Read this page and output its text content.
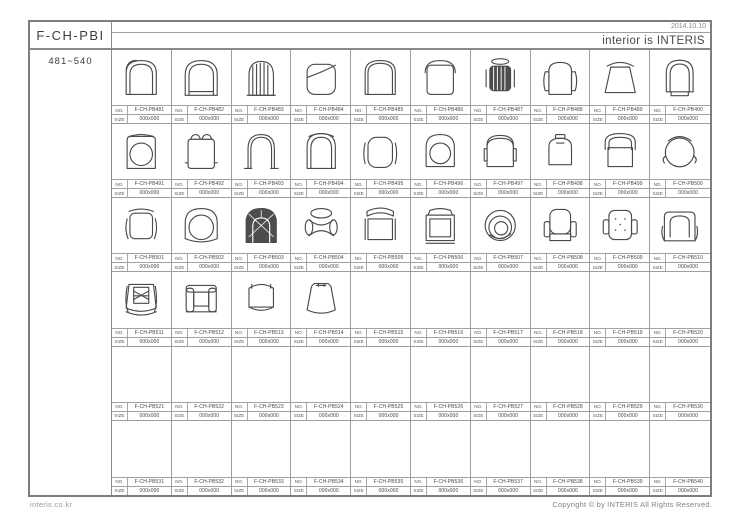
F-CH-PBI
2014.10.10
interior is INTERIS
481~540
NO.	F-CH-PB481
SIZE	000x000
NO.	F-CH-PB482
SIZE	000x000
NO.	F-CH-PB483
SIZE	000x000
NO.	F-CH-PB484
SIZE	000x000
NO.	F-CH-PB485
SIZE	000x000
NO.	F-CH-PB486
SIZE	000x000
NO.	F-CH-PB487
SIZE	000x000
NO.	F-CH-PB488
SIZE	000x000
NO.	F-CH-PB489
SIZE	000x000
NO.	F-CH-PB490
SIZE	000x000
NO.	F-CH-PB491
SIZE	000x000
NO.	F-CH-PB492
SIZE	000x000
NO.	F-CH-PB493
SIZE	000x000
NO.	F-CH-PB494
SIZE	000x000
NO.	F-CH-PB495
SIZE	000x000
NO.	F-CH-PB496
SIZE	000x000
NO.	F-CH-PB497
SIZE	000x000
NO.	F-CH-PB498
SIZE	000x000
NO.	F-CH-PB499
SIZE	000x000
NO.	F-CH-PB500
SIZE	000x000
NO.	F-CH-PB501
SIZE	000x000
NO.	F-CH-PB502
SIZE	000x000
NO.	F-CH-PB503
SIZE	000x000
NO.	F-CH-PB504
SIZE	000x000
NO.	F-CH-PB505
SIZE	000x000
NO.	F-CH-PB506
SIZE	000x000
NO.	F-CH-PB507
SIZE	000x000
NO.	F-CH-PB508
SIZE	000x000
NO.	F-CH-PB509
SIZE	000x000
NO.	F-CH-PB510
SIZE	000x000
NO.	F-CH-PB511
SIZE	000x000
NO.	F-CH-PB512
SIZE	000x000
NO.	F-CH-PB513
SIZE	000x000
NO.	F-CH-PB514
SIZE	000x000
NO.	F-CH-PB515
SIZE	000x000
NO.	F-CH-PB516
SIZE	000x000
NO.	F-CH-PB517
SIZE	000x000
NO.	F-CH-PB518
SIZE	000x000
NO.	F-CH-PB519
SIZE	000x000
NO.	F-CH-PB520
SIZE	000x000
NO.	F-CH-PB521
SIZE	000x000
NO.	F-CH-PB522
SIZE	000x000
NO.	F-CH-PB523
SIZE	000x000
NO.	F-CH-PB524
SIZE	000x000
NO.	F-CH-PB525
SIZE	000x000
NO.	F-CH-PB526
SIZE	000x000
NO.	F-CH-PB527
SIZE	000x000
NO.	F-CH-PB528
SIZE	000x000
NO.	F-CH-PB529
SIZE	000x000
NO.	F-CH-PB530
SIZE	000x000
NO.	F-CH-PB531
SIZE	000x000
NO.	F-CH-PB532
SIZE	000x000
NO.	F-CH-PB533
SIZE	000x000
NO.	F-CH-PB534
SIZE	000x000
NO.	F-CH-PB535
SIZE	000x000
NO.	F-CH-PB536
SIZE	000x000
NO.	F-CH-PB537
SIZE	000x000
NO.	F-CH-PB538
SIZE	000x000
NO.	F-CH-PB539
SIZE	000x000
NO.	F-CH-PB540
SIZE	000x000
interis.co.kr	Copyright © by INTERIS All Rights Reserved.
